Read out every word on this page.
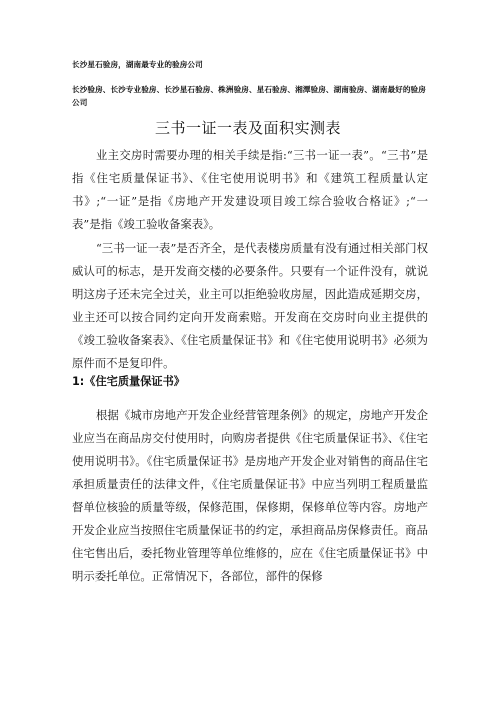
长沙星石验房，湖南最专业的验房公司
长沙验房、长沙专业验房、长沙星石验房、株洲验房、星石验房、湘潭验房、湖南验房、湖南最好的验房公司
三书一证一表及面积实测表

业主交房时需要办理的相关手续是指:“三书一证一表”。“三书”是指《住宅质量保证书》、《住宅使用说明书》和《建筑工程质量认定书》;“一证”是指《房地产开发建设项目竣工综合验收合格证》;“一表”是指《竣工验收备案表》。

“三书一证一表”是否齐全，是代表楼房质量有没有通过相关部门权威认可的标志，是开发商交楼的必要条件。只要有一个证件没有，就说明这房子还未完全过关，业主可以拒绝验收房屋，因此造成延期交房，业主还可以按合同约定向开发商索赔。开发商在交房时向业主提供的《竣工验收备案表》、《住宅质量保证书》和《住宅使用说明书》必须为原件而不是复印件。

1:《住宅质量保证书》

根据《城市房地产开发企业经营管理条例》的规定，房地产开发企业应当在商品房交付使用时，向购房者提供《住宅质量保证书》、《住宅使用说明书》。《住宅质量保证书》是房地产开发企业对销售的商品住宅承担质量责任的法律文件，《住宅质量保证书》中应当列明工程质量监督单位核验的质量等级，保修范围，保修期，保修单位等内容。房地产开发企业应当按照住宅质量保证书的约定，承担商品房保修责任。商品住宅售出后，委托物业管理等单位维修的，应在《住宅质量保证书》中明示委托单位。正常情况下，各部位，部件的保修
